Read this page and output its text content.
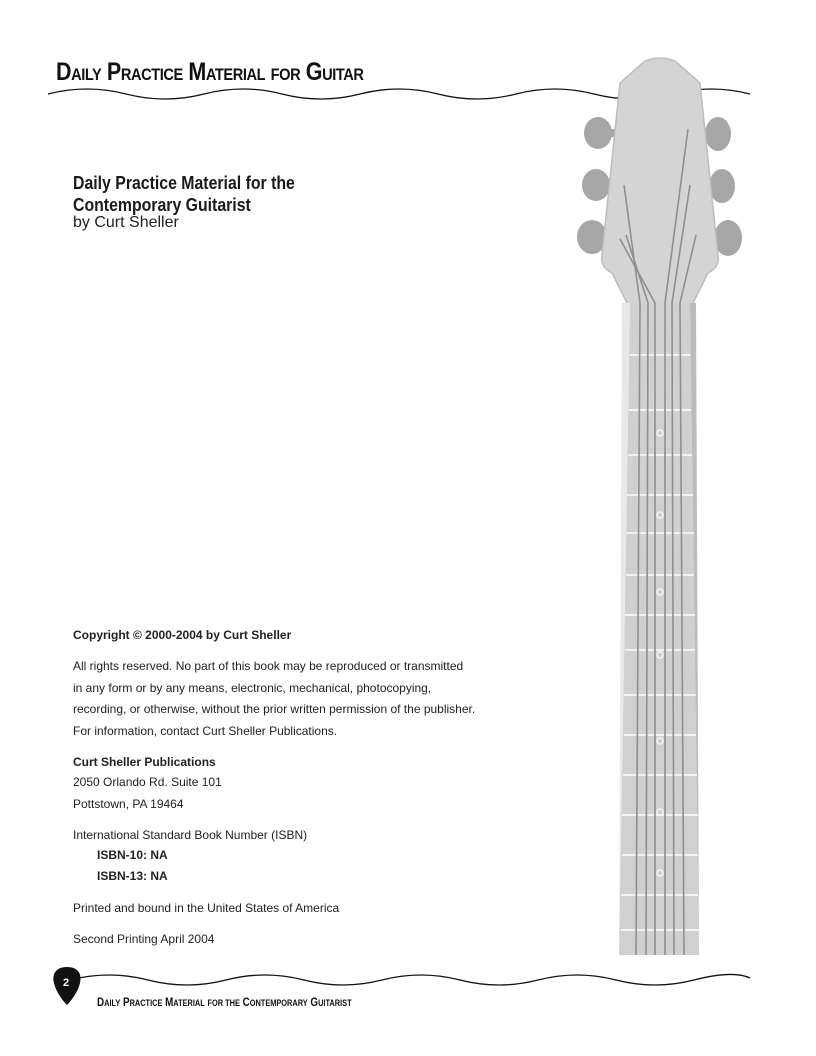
DAILY PRACTICE MATERIAL FOR GUITAR
Daily Practice Material for the
Contemporary Guitarist
by Curt Sheller

Copyright © 2000-2004 by Curt Sheller

All rights reserved. No part of this book may be reproduced or transmitted
in any form or by any means, electronic, mechanical, photocopying,
recording, or otherwise, without the prior written permission of the publisher.
For information, contact Curt Sheller Publications.
Curt Sheller Publications
2050 Orlando Rd. Suite 101
Pottstown, PA 19464
International Standard Book Number (ISBN)
ISBN-10: NA
ISBN-13: NA
Printed and bound in the United States of America
Second Printing April 2004
2

DAILY PRACTICE MATERIAL FOR THE CONTEMPORARY GUITARIST
